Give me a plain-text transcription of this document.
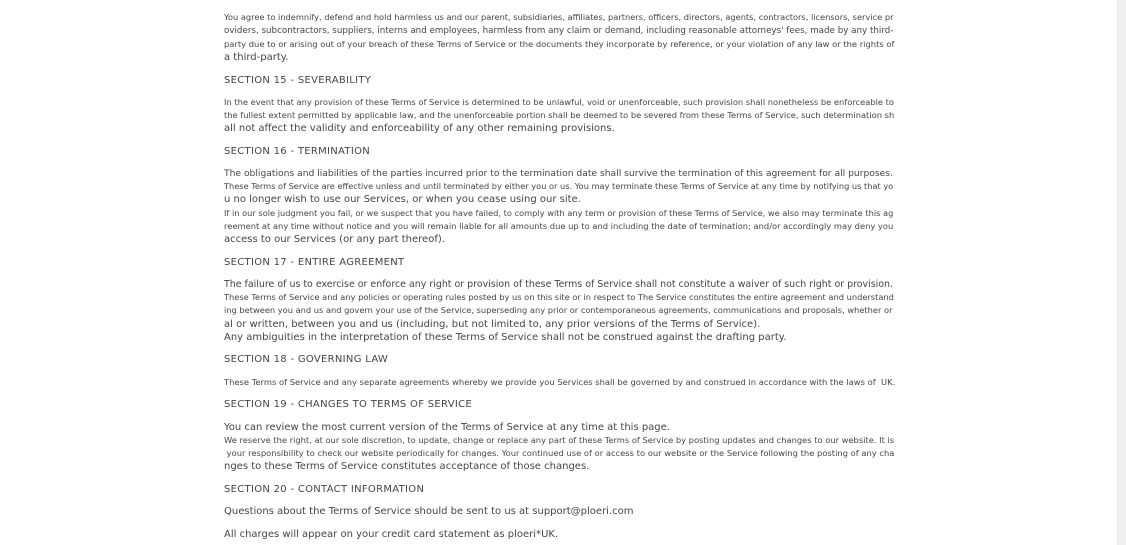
You agree to indemnify, defend and hold harmless us and our parent, subsidiaries, affiliates, partners, officers, directors, agents, contractors, licensors, service pr
oviders, subcontractors, suppliers, interns and employees, harmless from any claim or demand, including reasonable attorneys' fees, made by any third-
party due to or arising out of your breach of these Terms of Service or the documents they incorporate by reference, or your violation of any law or the rights of
a third-party.
SECTION 15 - SEVERABILITY
In the event that any provision of these Terms of Service is determined to be unlawful, void or unenforceable, such provision shall nonetheless be enforceable to
the fullest extent permitted by applicable law, and the unenforceable portion shall be deemed to be severed from these Terms of Service, such determination sh
all not affect the validity and enforceability of any other remaining provisions.
SECTION 16 - TERMINATION
The obligations and liabilities of the parties incurred prior to the termination date shall survive the termination of this agreement for all purposes.
These Terms of Service are effective unless and until terminated by either you or us. You may terminate these Terms of Service at any time by notifying us that yo
u no longer wish to use our Services, or when you cease using our site.
If in our sole judgment you fail, or we suspect that you have failed, to comply with any term or provision of these Terms of Service, we also may terminate this ag
reement at any time without notice and you will remain liable for all amounts due up to and including the date of termination; and/or accordingly may deny you
access to our Services (or any part thereof).
SECTION 17 - ENTIRE AGREEMENT
The failure of us to exercise or enforce any right or provision of these Terms of Service shall not constitute a waiver of such right or provision.
These Terms of Service and any policies or operating rules posted by us on this site or in respect to The Service constitutes the entire agreement and understand
ing between you and us and govern your use of the Service, superseding any prior or contemporaneous agreements, communications and proposals, whether or
al or written, between you and us (including, but not limited to, any prior versions of the Terms of Service).
Any ambiguities in the interpretation of these Terms of Service shall not be construed against the drafting party.
SECTION 18 - GOVERNING LAW
These Terms of Service and any separate agreements whereby we provide you Services shall be governed by and construed in accordance with the laws of  UK.
SECTION 19 - CHANGES TO TERMS OF SERVICE
You can review the most current version of the Terms of Service at any time at this page.
We reserve the right, at our sole discretion, to update, change or replace any part of these Terms of Service by posting updates and changes to our website. It is
your responsibility to check our website periodically for changes. Your continued use of or access to our website or the Service following the posting of any cha
nges to these Terms of Service constitutes acceptance of those changes.
SECTION 20 - CONTACT INFORMATION
Questions about the Terms of Service should be sent to us at support@ploeri.com
All charges will appear on your credit card statement as ploeri*UK.
